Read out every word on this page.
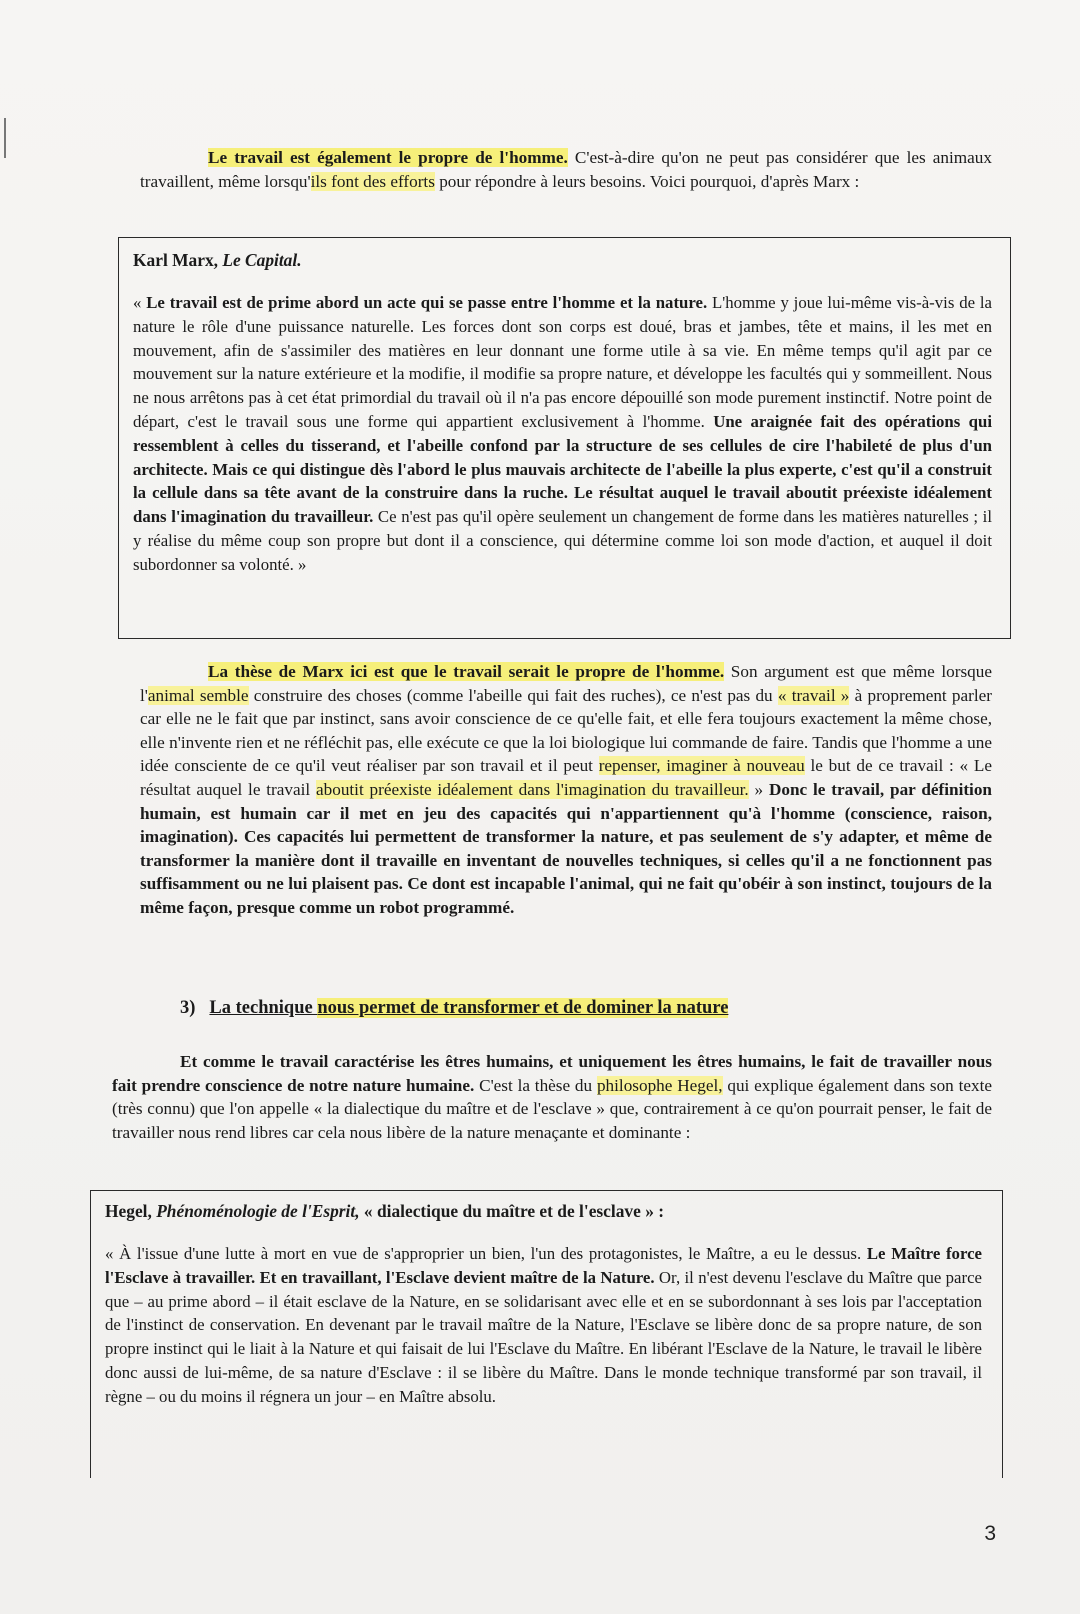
Le travail est également le propre de l'homme. C'est-à-dire qu'on ne peut pas considérer que les animaux travaillent, même lorsqu'ils font des efforts pour répondre à leurs besoins. Voici pourquoi, d'après Marx :

Karl Marx, Le Capital.

« Le travail est de prime abord un acte qui se passe entre l'homme et la nature. L'homme y joue lui-même vis-à-vis de la nature le rôle d'une puissance naturelle. Les forces dont son corps est doué, bras et jambes, tête et mains, il les met en mouvement, afin de s'assimiler des matières en leur donnant une forme utile à sa vie. En même temps qu'il agit par ce mouvement sur la nature extérieure et la modifie, il modifie sa propre nature, et développe les facultés qui y sommeillent. Nous ne nous arrêtons pas à cet état primordial du travail où il n'a pas encore dépouillé son mode purement instinctif. Notre point de départ, c'est le travail sous une forme qui appartient exclusivement à l'homme. Une araignée fait des opérations qui ressemblent à celles du tisserand, et l'abeille confond par la structure de ses cellules de cire l'habileté de plus d'un architecte. Mais ce qui distingue dès l'abord le plus mauvais architecte de l'abeille la plus experte, c'est qu'il a construit la cellule dans sa tête avant de la construire dans la ruche. Le résultat auquel le travail aboutit préexiste idéalement dans l'imagination du travailleur. Ce n'est pas qu'il opère seulement un changement de forme dans les matières naturelles ; il y réalise du même coup son propre but dont il a conscience, qui détermine comme loi son mode d'action, et auquel il doit subordonner sa volonté. »

La thèse de Marx ici est que le travail serait le propre de l'homme. Son argument est que même lorsque l'animal semble construire des choses (comme l'abeille qui fait des ruches), ce n'est pas du « travail » à proprement parler car elle ne le fait que par instinct, sans avoir conscience de ce qu'elle fait, et elle fera toujours exactement la même chose, elle n'invente rien et ne réfléchit pas, elle exécute ce que la loi biologique lui commande de faire. Tandis que l'homme a une idée consciente de ce qu'il veut réaliser par son travail et il peut repenser, imaginer à nouveau le but de ce travail : « Le résultat auquel le travail aboutit préexiste idéalement dans l'imagination du travailleur. » Donc le travail, par définition humain, est humain car il met en jeu des capacités qui n'appartiennent qu'à l'homme (conscience, raison, imagination). Ces capacités lui permettent de transformer la nature, et pas seulement de s'y adapter, et même de transformer la manière dont il travaille en inventant de nouvelles techniques, si celles qu'il a ne fonctionnent pas suffisamment ou ne lui plaisent pas. Ce dont est incapable l'animal, qui ne fait qu'obéir à son instinct, toujours de la même façon, presque comme un robot programmé.

3) La technique nous permet de transformer et de dominer la nature

Et comme le travail caractérise les êtres humains, et uniquement les êtres humains, le fait de travailler nous fait prendre conscience de notre nature humaine. C'est la thèse du philosophe Hegel, qui explique également dans son texte (très connu) que l'on appelle « la dialectique du maître et de l'esclave » que, contrairement à ce qu'on pourrait penser, le fait de travailler nous rend libres car cela nous libère de la nature menaçante et dominante :

Hegel, Phénoménologie de l'Esprit, « dialectique du maître et de l'esclave » :

« À l'issue d'une lutte à mort en vue de s'approprier un bien, l'un des protagonistes, le Maître, a eu le dessus. Le Maître force l'Esclave à travailler. Et en travaillant, l'Esclave devient maître de la Nature. Or, il n'est devenu l'esclave du Maître que parce que – au prime abord – il était esclave de la Nature, en se solidarisant avec elle et en se subordonnant à ses lois par l'acceptation de l'instinct de conservation. En devenant par le travail maître de la Nature, l'Esclave se libère donc de sa propre nature, de son propre instinct qui le liait à la Nature et qui faisait de lui l'Esclave du Maître. En libérant l'Esclave de la Nature, le travail le libère donc aussi de lui-même, de sa nature d'Esclave : il se libère du Maître. Dans le monde technique transformé par son travail, il règne – ou du moins il régnera un jour – en Maître absolu.

3
